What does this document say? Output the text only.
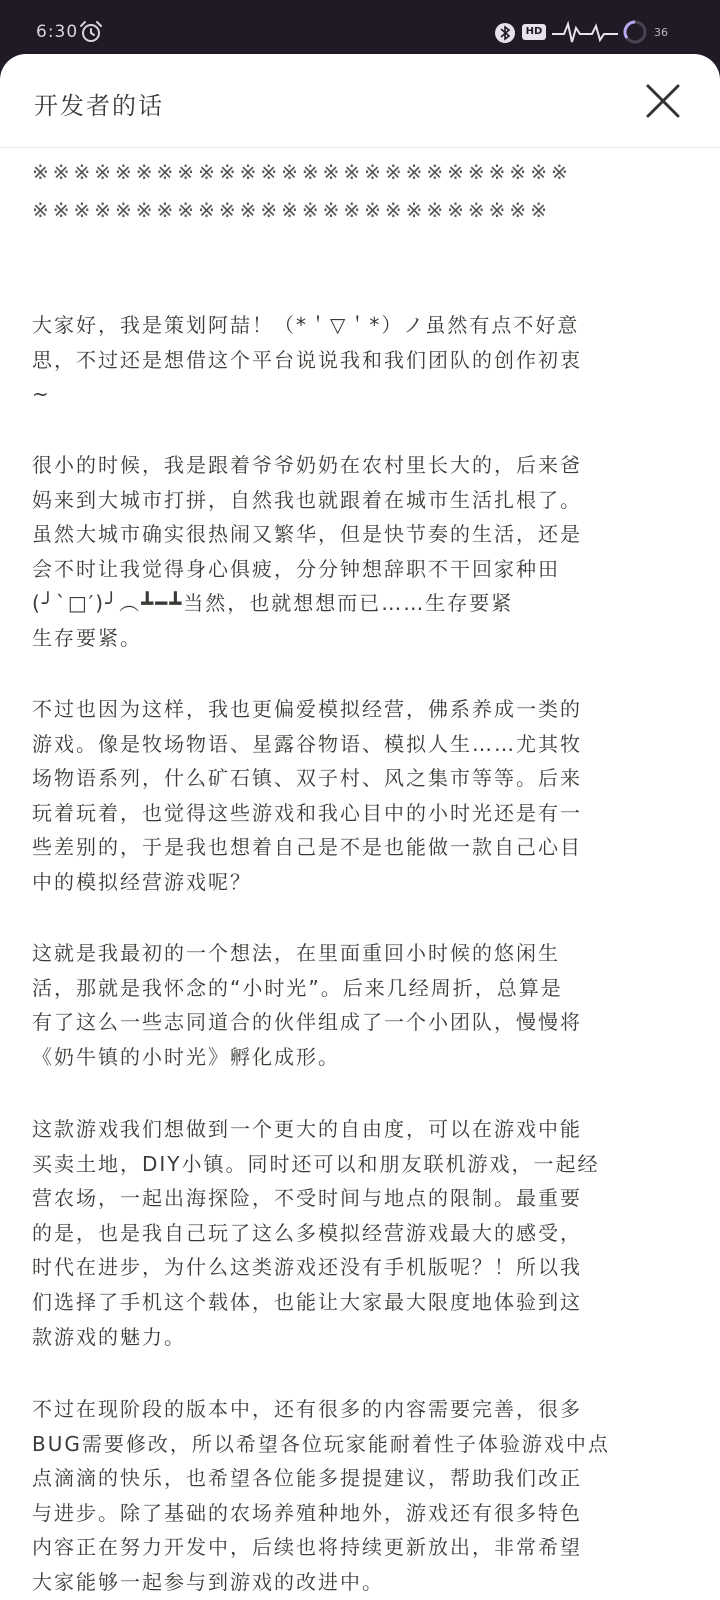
6:30	HD	36
开发者的话
※※※※※※※※※※※※※※※※※※※※※※※※※※
※※※※※※※※※※※※※※※※※※※※※※※※※
大家好，我是策划阿喆！（*＇▽＇*）ノ虽然有点不好意
思，不过还是想借这个平台说说我和我们团队的创作初衷
~
很小的时候，我是跟着爷爷奶奶在农村里长大的，后来爸
妈来到大城市打拼，自然我也就跟着在城市生活扎根了。
虽然大城市确实很热闹又繁华，但是快节奏的生活，还是
会不时让我觉得身心俱疲，分分钟想辞职不干回家种田
(╯`□′)╯︵┻━┻当然，也就想想而已……生存要紧
生存要紧。
不过也因为这样，我也更偏爱模拟经营，佛系养成一类的
游戏。像是牧场物语、星露谷物语、模拟人生……尤其牧
场物语系列，什么矿石镇、双子村、风之集市等等。后来
玩着玩着，也觉得这些游戏和我心目中的小时光还是有一
些差别的，于是我也想着自己是不是也能做一款自己心目
中的模拟经营游戏呢？
这就是我最初的一个想法，在里面重回小时候的悠闲生
活，那就是我怀念的“小时光”。后来几经周折，总算是
有了这么一些志同道合的伙伴组成了一个小团队，慢慢将
《奶牛镇的小时光》孵化成形。
这款游戏我们想做到一个更大的自由度，可以在游戏中能
买卖土地，DIY小镇。同时还可以和朋友联机游戏，一起经
营农场，一起出海探险，不受时间与地点的限制。最重要
的是，也是我自己玩了这么多模拟经营游戏最大的感受，
时代在进步，为什么这类游戏还没有手机版呢？！所以我
们选择了手机这个载体，也能让大家最大限度地体验到这
款游戏的魅力。
不过在现阶段的版本中，还有很多的内容需要完善，很多
BUG需要修改，所以希望各位玩家能耐着性子体验游戏中点
点滴滴的快乐，也希望各位能多提提建议，帮助我们改正
与进步。除了基础的农场养殖种地外，游戏还有很多特色
内容正在努力开发中，后续也将持续更新放出，非常希望
大家能够一起参与到游戏的改进中。
